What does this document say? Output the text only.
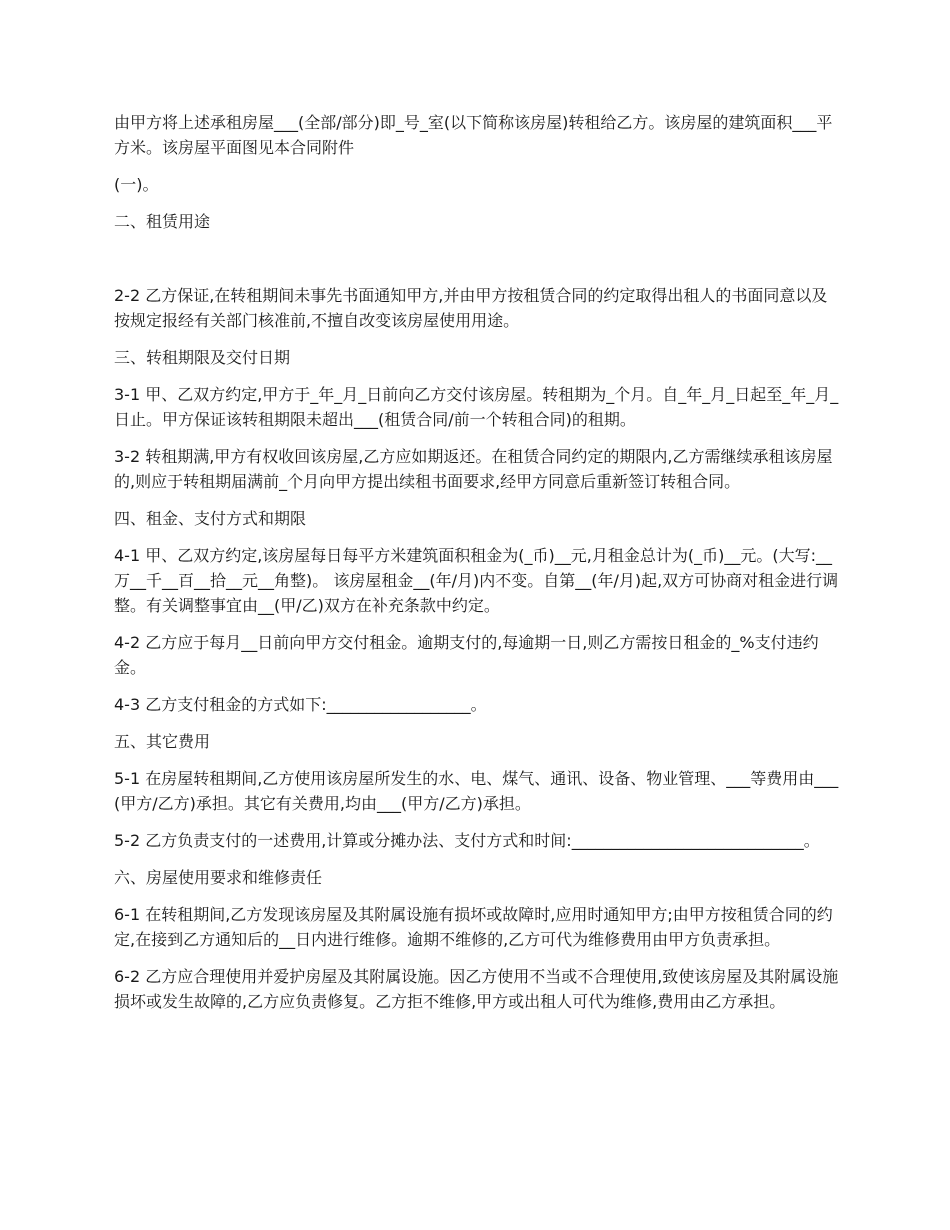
由甲方将上述承租房屋___(全部/部分)即_号_室(以下简称该房屋)转租给乙方。该房屋的建筑面积___平方米。该房屋平面图见本合同附件

(一)。

二、租赁用途

2-2 乙方保证,在转租期间未事先书面通知甲方,并由甲方按租赁合同的约定取得出租人的书面同意以及按规定报经有关部门核准前,不擅自改变该房屋使用用途。

三、转租期限及交付日期

3-1 甲、乙双方约定,甲方于_年_月_日前向乙方交付该房屋。转租期为_个月。自_年_月_日起至_年_月_日止。甲方保证该转租期限未超出___(租赁合同/前一个转租合同)的租期。

3-2 转租期满,甲方有权收回该房屋,乙方应如期返还。在租赁合同约定的期限内,乙方需继续承租该房屋的,则应于转租期届满前_个月向甲方提出续租书面要求,经甲方同意后重新签订转租合同。

四、租金、支付方式和期限

4-1 甲、乙双方约定,该房屋每日每平方米建筑面积租金为(_币)__元,月租金总计为(_币)__元。(大写:__万__千__百__拾__元__角整)。 该房屋租金__(年/月)内不变。自第__(年/月)起,双方可协商对租金进行调整。有关调整事宜由__(甲/乙)双方在补充条款中约定。

4-2 乙方应于每月__日前向甲方交付租金。逾期支付的,每逾期一日,则乙方需按日租金的_%支付违约金。

4-3 乙方支付租金的方式如下:__________________。

五、其它费用

5-1 在房屋转租期间,乙方使用该房屋所发生的水、电、煤气、通讯、设备、物业管理、___等费用由___(甲方/乙方)承担。其它有关费用,均由___(甲方/乙方)承担。

5-2 乙方负责支付的一述费用,计算或分摊办法、支付方式和时间:_____________________________。

六、房屋使用要求和维修责任

6-1 在转租期间,乙方发现该房屋及其附属设施有损坏或故障时,应用时通知甲方;由甲方按租赁合同的约定,在接到乙方通知后的__日内进行维修。逾期不维修的,乙方可代为维修费用由甲方负责承担。

6-2 乙方应合理使用并爱护房屋及其附属设施。因乙方使用不当或不合理使用,致使该房屋及其附属设施损坏或发生故障的,乙方应负责修复。乙方拒不维修,甲方或出租人可代为维修,费用由乙方承担。
